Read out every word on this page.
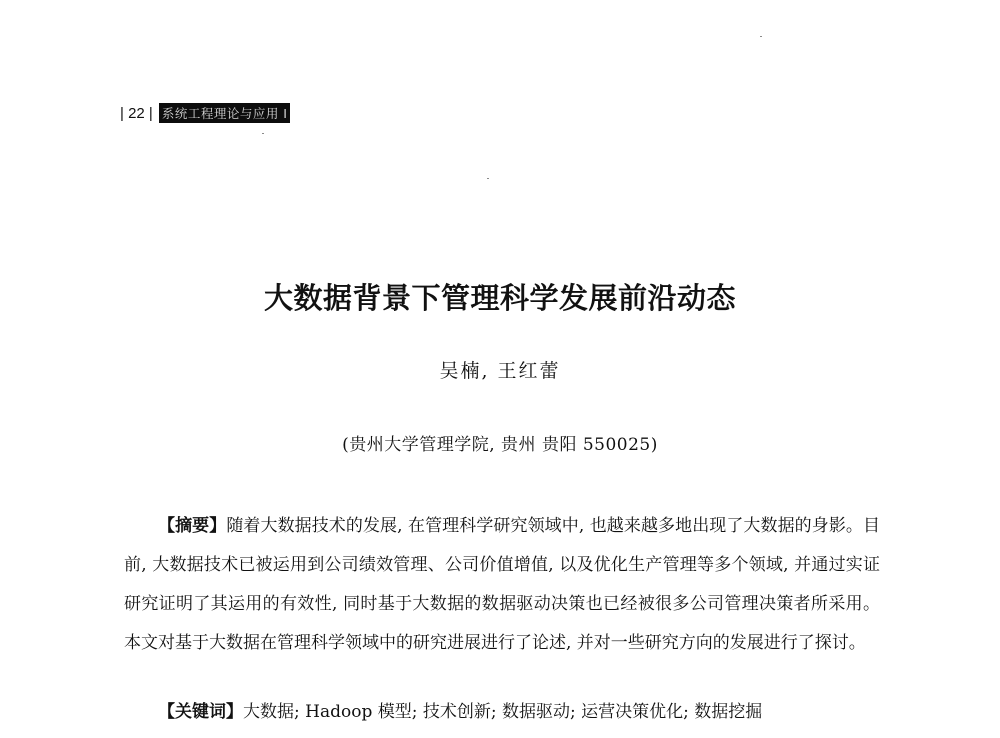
| 22 | 系统工程理论与应用 I
大数据背景下管理科学发展前沿动态
吴楠, 王红蕾
(贵州大学管理学院, 贵州 贵阳 550025)

【摘要】随着大数据技术的发展, 在管理科学研究领域中, 也越来越多地出现了大数据的身影。目前, 大数据技术已被运用到公司绩效管理、公司价值增值, 以及优化生产管理等多个领域, 并通过实证研究证明了其运用的有效性, 同时基于大数据的数据驱动决策也已经被很多公司管理决策者所采用。本文对基于大数据在管理科学领域中的研究进展进行了论述, 并对一些研究方向的发展进行了探讨。

【关键词】大数据; Hadoop 模型; 技术创新; 数据驱动; 运营决策优化; 数据挖掘
